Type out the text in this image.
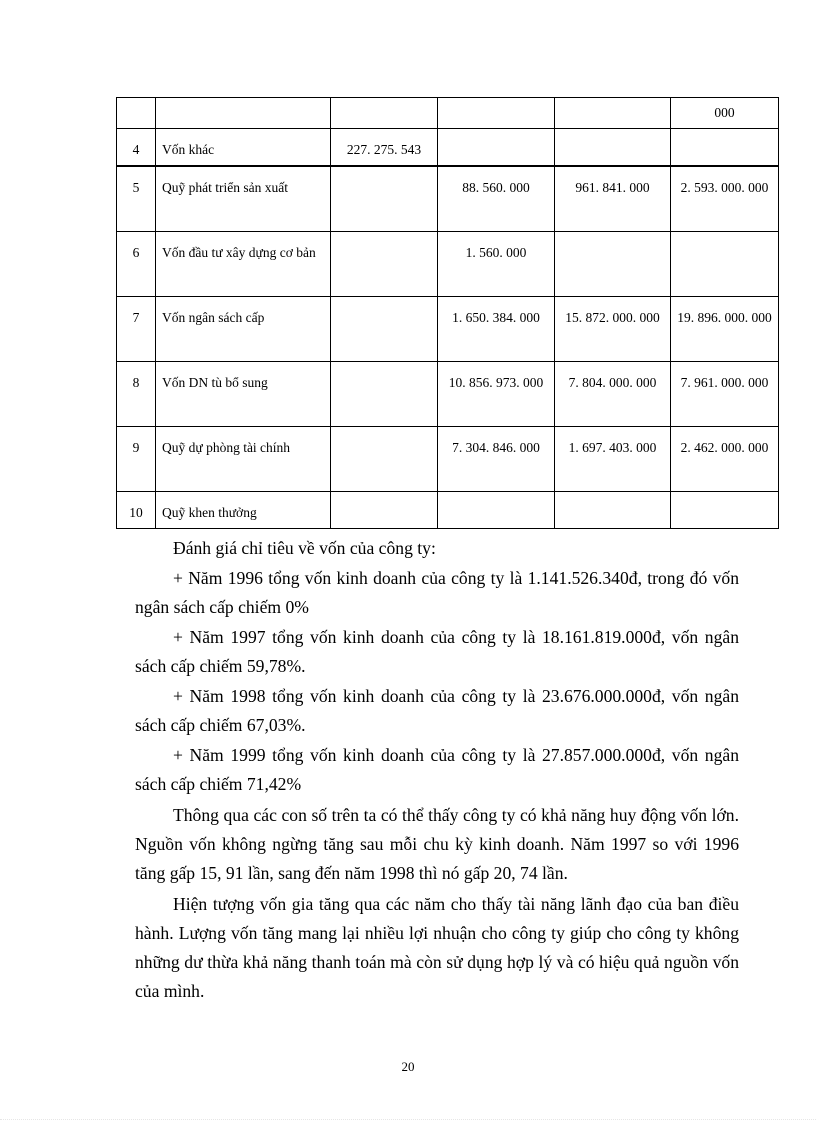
					000

4	Vốn khác	227. 275. 543			

5	Quỹ phát triển sản xuất		88. 560. 000	961. 841. 000	2. 593. 000. 000

6	Vốn đầu tư xây dựng cơ bản		1. 560. 000		

7	Vốn ngân sách cấp		1. 650. 384. 000	15. 872. 000. 000	19. 896. 000. 000

8	Vốn DN tù bổ sung		10. 856. 973. 000	7. 804. 000. 000	7. 961. 000. 000

9	Quỹ dự phòng tài chính		7. 304. 846. 000	1. 697. 403. 000	2. 462. 000. 000

10	Quỹ khen thưởng				

Đánh giá chỉ tiêu về vốn của công ty:

+ Năm 1996 tổng vốn kinh doanh của công ty là 1.141.526.340đ, trong đó vốn ngân sách cấp chiếm 0%

+ Năm 1997 tổng vốn kinh doanh của công ty là 18.161.819.000đ, vốn ngân sách cấp chiếm 59,78%.

+ Năm 1998 tổng vốn kinh doanh của công ty là 23.676.000.000đ, vốn ngân sách cấp chiếm 67,03%.

+ Năm 1999 tổng vốn kinh doanh của công ty là 27.857.000.000đ, vốn ngân sách cấp chiếm 71,42%

Thông qua các con số trên ta có thể thấy công ty có khả năng huy động vốn lớn. Nguồn vốn không ngừng tăng sau mỗi chu kỳ kinh doanh. Năm 1997 so với 1996 tăng gấp 15, 91 lần, sang đến năm 1998 thì nó gấp 20, 74 lần.

Hiện tượng vốn gia tăng qua các năm cho thấy tài năng lãnh đạo của ban điều hành. Lượng vốn tăng mang lại nhiều lợi nhuận cho công ty giúp cho công ty không những dư thừa khả năng thanh toán mà còn sử dụng hợp lý và có hiệu quả nguồn vốn của mình.

20
